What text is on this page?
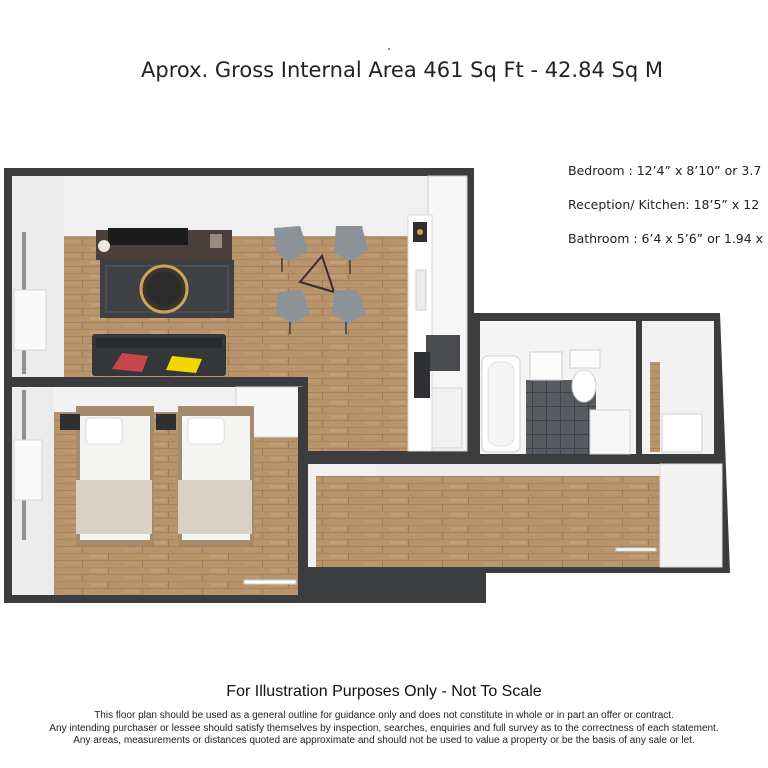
Aprox. Gross Internal Area 461 Sq Ft - 42.84 Sq M
Bedroom : 12’4” x 8’10” or 3.7
Reception/ Kitchen: 18’5” x 12
Bathroom : 6’4 x 5’6” or 1.94 x
For Illustration Purposes Only - Not To Scale
This floor plan should be used as a general outline for guidance only and does not constitute in whole or in part an offer or contract.
Any intending purchaser or lessee should satisfy themselves by inspection, searches, enquiries and full survey as to the correctness of each statement.
Any areas, measurements or distances quoted are approximate and should not be used to value a property or be the basis of any sale or let.
